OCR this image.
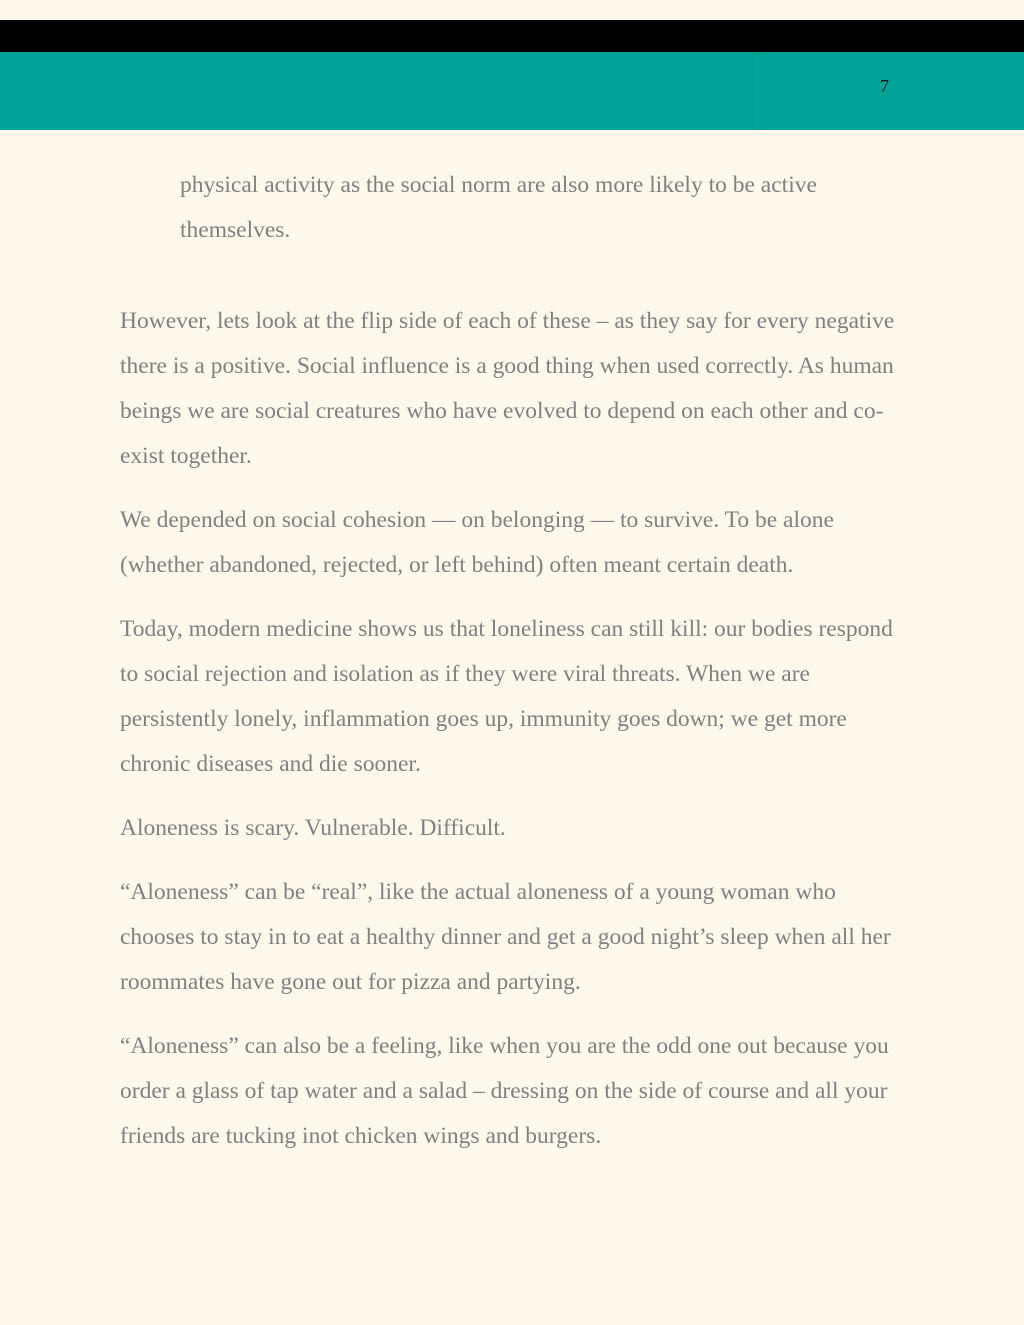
7

physical activity as the social norm are also more likely to be active themselves.

However, lets look at the flip side of each of these – as they say for every negative there is a positive. Social influence is a good thing when used correctly. As human beings we are social creatures who have evolved to depend on each other and co-exist together.

We depended on social cohesion — on belonging — to survive. To be alone (whether abandoned, rejected, or left behind) often meant certain death.

Today, modern medicine shows us that loneliness can still kill: our bodies respond to social rejection and isolation as if they were viral threats. When we are persistently lonely, inflammation goes up, immunity goes down; we get more chronic diseases and die sooner.

Aloneness is scary. Vulnerable. Difficult.

“Aloneness” can be “real”, like the actual aloneness of a young woman who chooses to stay in to eat a healthy dinner and get a good night’s sleep when all her roommates have gone out for pizza and partying.

“Aloneness” can also be a feeling, like when you are the odd one out because you order a glass of tap water and a salad – dressing on the side of course and all your friends are tucking inot chicken wings and burgers.
